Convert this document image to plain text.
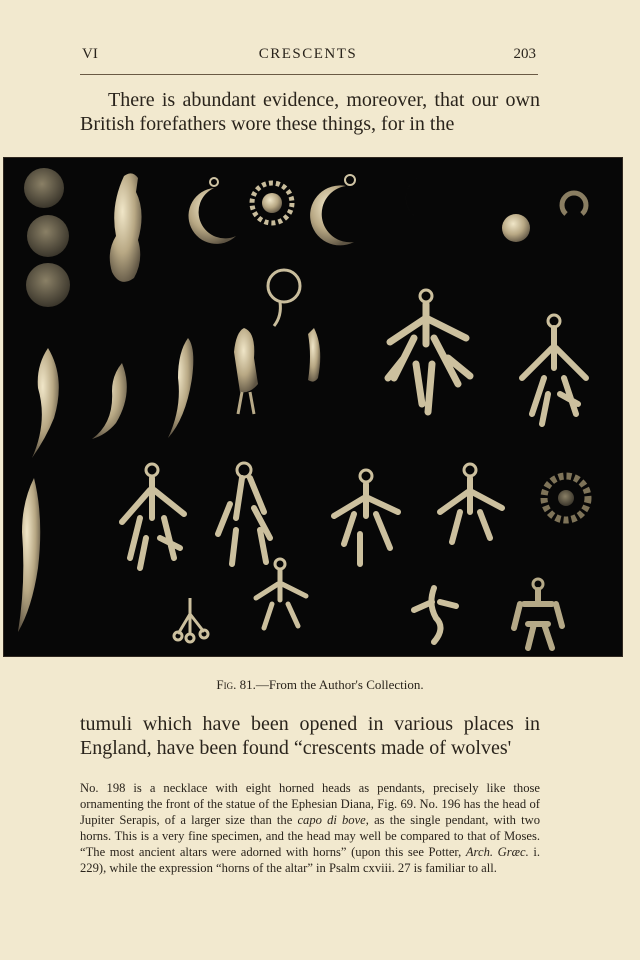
VI	CRESCENTS	203
There is abundant evidence, moreover, that our own British forefathers wore these things, for in the
Fig. 81.—From the Author's Collection.
tumuli which have been opened in various places in England, have been found “crescents made of wolves'
No. 198 is a necklace with eight horned heads as pendants, precisely like those ornamenting the front of the statue of the Ephesian Diana, Fig. 69. No. 196 has the head of Jupiter Serapis, of a larger size than the capo di bove, as the single pendant, with two horns. This is a very fine specimen, and the head may well be compared to that of Moses. “The most ancient altars were adorned with horns” (upon this see Potter, Arch. Græc. i. 229), while the expression “horns of the altar” in Psalm cxviii. 27 is familiar to all.
